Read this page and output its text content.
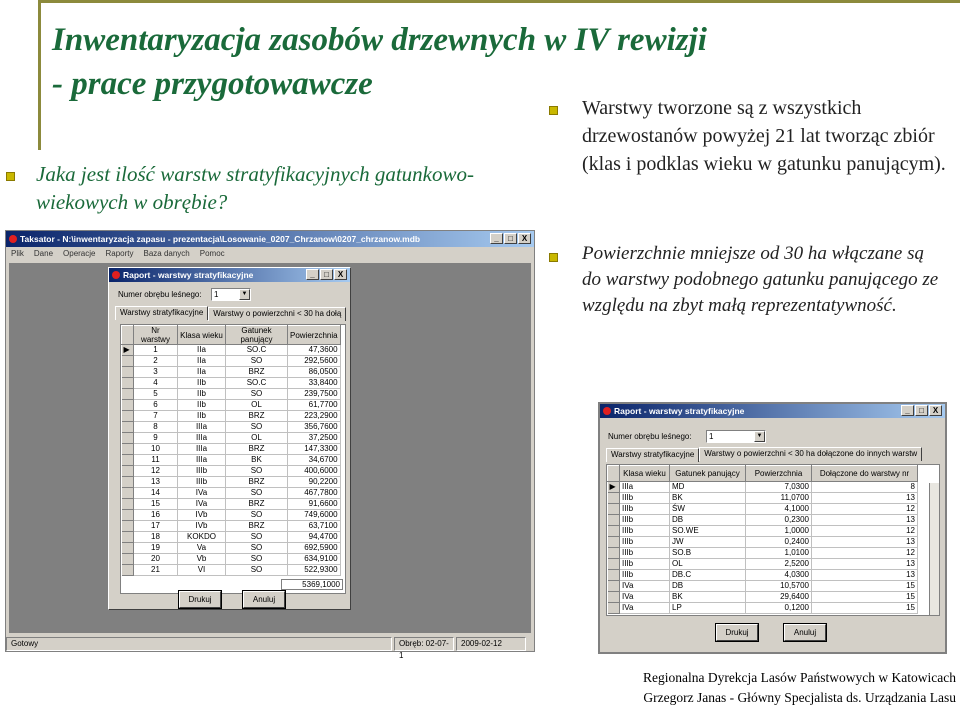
Inwentaryzacja zasobów drzewnych w IV rewizji
- prace przygotowawcze
Jaka jest ilość warstw stratyfikacyjnych gatunkowo-wiekowych w obrębie?
Warstwy tworzone są z wszystkich drzewostanów powyżej 21 lat tworząc zbiór (klas i podklas wieku w gatunku panującym).
Powierzchnie mniejsze od 30 ha włączane są
do warstwy podobnego gatunku panującego ze
względu na zbyt małą reprezentatywność.
Taksator - N:\inwentaryzacja zapasu - prezentacja\Losowanie_0207_Chrzanow\0207_chrzanow.mdb	_	□	X
Plik Dane Operacje Raporty Baza danych Pomoc
Raport - warstwy stratyfikacyjne	_	□	X
Numer obrębu leśnego:	1	▼
Warstwy stratyfikacyjne	Warstwy o powierzchni < 30 ha dołą
	Nr warstwy	Klasa wieku	Gatunek panujący	Powierzchnia
▶	1	IIa	SO.C	47,3600
	2	IIa	SO	292,5600
	3	IIa	BRZ	86,0500
	4	IIb	SO.C	33,8400
	5	IIb	SO	239,7500
	6	IIb	OL	61,7700
	7	IIb	BRZ	223,2900
	8	IIIa	SO	356,7600
	9	IIIa	OL	37,2500
	10	IIIa	BRZ	147,3300
	11	IIIa	BK	34,6700
	12	IIIb	SO	400,6000
	13	IIIb	BRZ	90,2200
	14	IVa	SO	467,7800
	15	IVa	BRZ	91,6600
	16	IVb	SO	749,6000
	17	IVb	BRZ	63,7100
	18	KOKDO	SO	94,4700
	19	Va	SO	692,5900
	20	Vb	SO	634,9100
	21	VI	SO	522,9300
5369,1000
Drukuj	Anuluj
Gotowy	Obręb: 02-07-1
2009-02-12
Raport - warstwy stratyfikacyjne	_	□	X
Numer obrębu leśnego:	1	▼
Warstwy stratyfikacyjne	Warstwy o powierzchni < 30 ha dołączone do innych warstw
	Klasa wieku	Gatunek panujący	Powierzchnia	Dołączone do warstwy nr
▶	IIIa	MD	7,0300	8
	IIIb	BK	11,0700	13
	IIIb	ŚW	4,1000	12
	IIIb	DB	0,2300	13
	IIIb	SO.WE	1,0000	12
	IIIb	JW	0,2400	13
	IIIb	SO.B	1,0100	12
	IIIb	OL	2,5200	13
	IIIb	DB.C	4,0300	13
	IVa	DB	10,5700	15
	IVa	BK	29,6400	15
	IVa	LP	0,1200	15
Drukuj	Anuluj
Regionalna Dyrekcja Lasów Państwowych w Katowicach
Grzegorz Janas - Główny Specjalista ds. Urządzania Lasu
